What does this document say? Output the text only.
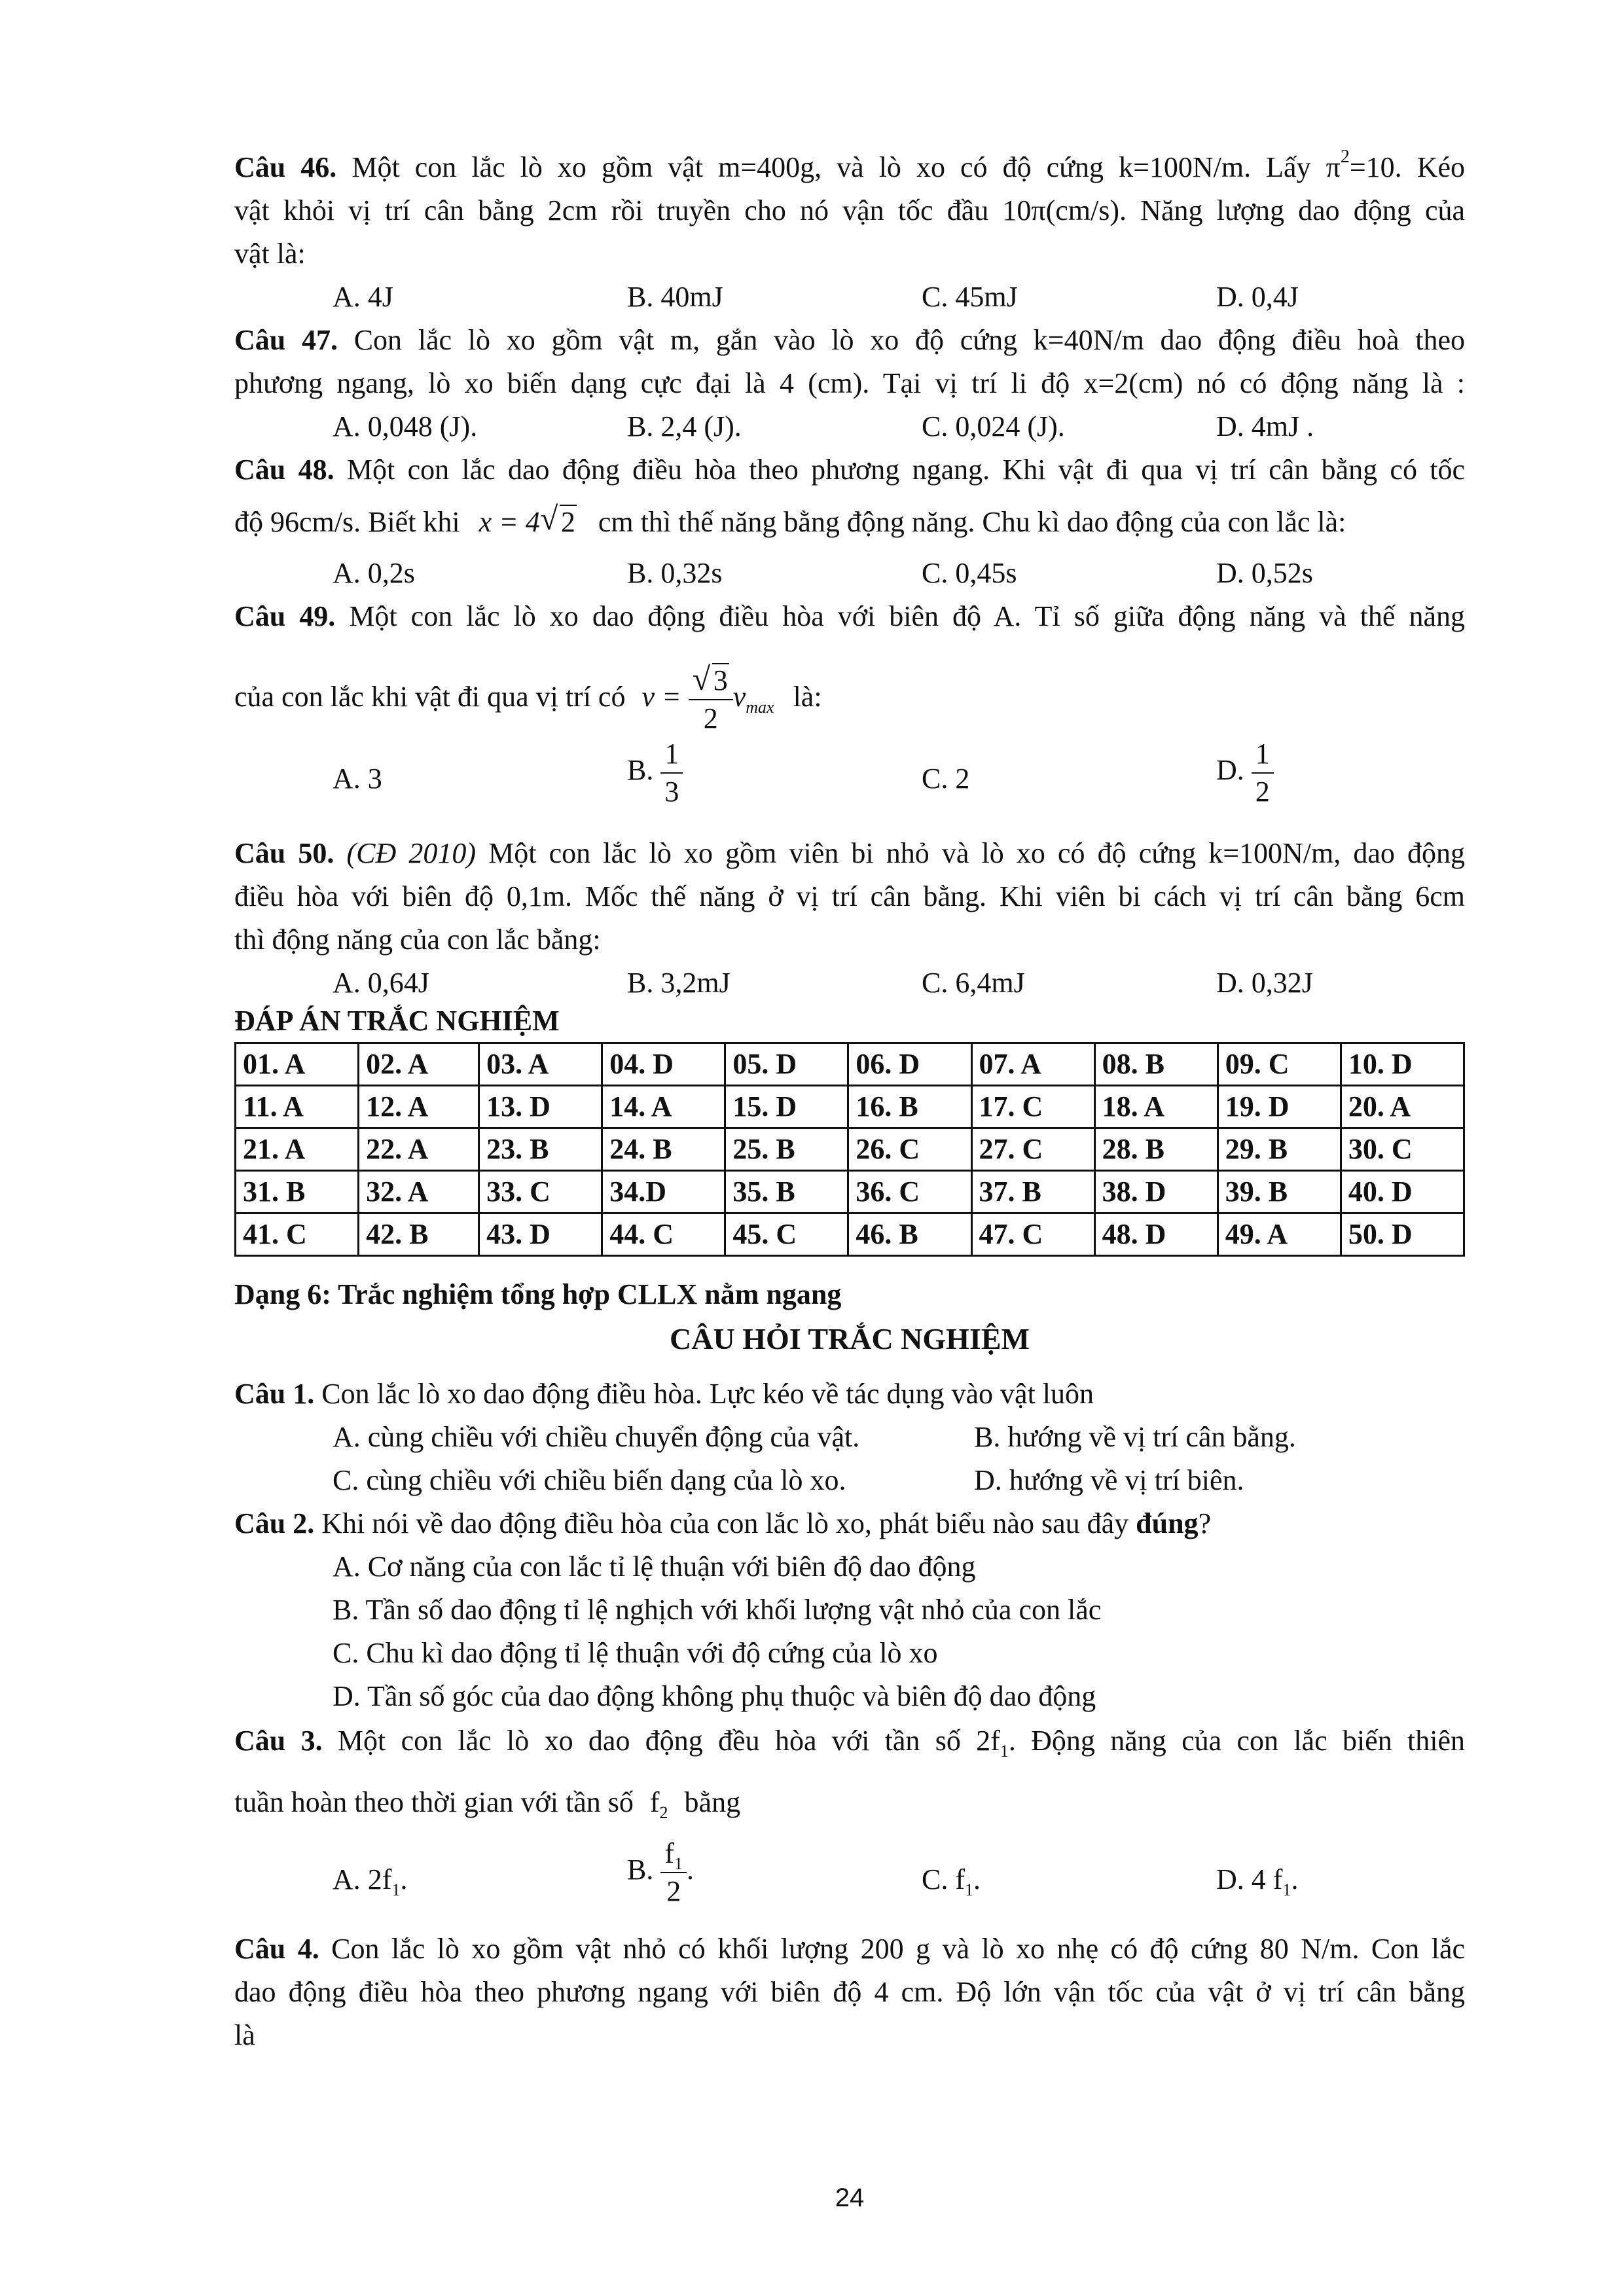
Câu 46. Một con lắc lò xo gồm vật m=400g, và lò xo có độ cứng k=100N/m. Lấy $\pi^2=10$. Kéo
vật khỏi vị trí cân bằng 2cm rồi truyền cho nó vận tốc đầu 10π(cm/s). Năng lượng dao động của
vật là:
A. 4J	B. 40mJ	C. 45mJ	D. 0,4J
Câu 47. Con lắc lò xo gồm vật m, gắn vào lò xo độ cứng k=40N/m dao động điều hoà theo
phương ngang, lò xo biến dạng cực đại là 4 (cm). Tại vị trí li độ x=2(cm) nó có động năng là :
A. 0,048 (J).	B. 2,4 (J).	C. 0,024 (J).	D. 4mJ .
Câu 48. Một con lắc dao động điều hòa theo phương ngang. Khi vật đi qua vị trí cân bằng có tốc
độ 96cm/s. Biết khi x = 4 √ 2 cm thì thế năng bằng động năng. Chu kì dao động của con lắc là:
A. 0,2s	B. 0,32s	C. 0,45s	D. 0,52s
Câu 49. Một con lắc lò xo dao động điều hòa với biên độ A. Tỉ số giữa động năng và thế năng
của con lắc khi vật đi qua vị trí có $v = \frac{√ 3}{2} v_{max}$ là:
A. 3	B. $\frac{1}{3}$	C. 2	D. $\frac{1}{2}$
Câu 50. (CĐ 2010) Một con lắc lò xo gồm viên bi nhỏ và lò xo có độ cứng k=100N/m, dao động
điều hòa với biên độ 0,1m. Mốc thế năng ở vị trí cân bằng. Khi viên bi cách vị trí cân bằng 6cm
thì động năng của con lắc bằng:
A. 0,64J	B. 3,2mJ	C. 6,4mJ	D. 0,32J
ĐÁP ÁN TRẮC NGHIỆM
01. A	02. A	03. A	04. D	05. D	06. D	07. A	08. B	09. C	10. D
11. A	12. A	13. D	14. A	15. D	16. B	17. C	18. A	19. D	20. A
21. A	22. A	23. B	24. B	25. B	26. C	27. C	28. B	29. B	30. C
31. B	32. A	33. C	34.D	35. B	36. C	37. B	38. D	39. B	40. D
41. C	42. B	43. D	44. C	45. C	46. B	47. C	48. D	49. A	50. D
Dạng 6: Trắc nghiệm tổng hợp CLLX nằm ngang
CÂU HỎI TRẮC NGHIỆM
Câu 1. Con lắc lò xo dao động điều hòa. Lực kéo về tác dụng vào vật luôn
A. cùng chiều với chiều chuyển động của vật.	B. hướng về vị trí cân bằng.
C. cùng chiều với chiều biến dạng của lò xo.	D. hướng về vị trí biên.
Câu 2. Khi nói về dao động điều hòa của con lắc lò xo, phát biểu nào sau đây đúng?
A. Cơ năng của con lắc tỉ lệ thuận với biên độ dao động
B. Tần số dao động tỉ lệ nghịch với khối lượng vật nhỏ của con lắc
C. Chu kì dao động tỉ lệ thuận với độ cứng của lò xo
D. Tần số góc của dao động không phụ thuộc và biên độ dao động
Câu 3. Một con lắc lò xo dao động đều hòa với tần số $2f_1$. Động năng của con lắc biến thiên
tuần hoàn theo thời gian với tần số $f_2$ bằng
A. $2f_1$.	B. $\frac{f_1}{2}$ .	C. $f_1$.	D. 4 $f_1$.
Câu 4. Con lắc lò xo gồm vật nhỏ có khối lượng 200 g và lò xo nhẹ có độ cứng 80 N/m. Con lắc
dao động điều hòa theo phương ngang với biên độ 4 cm. Độ lớn vận tốc của vật ở vị trí cân bằng
là
24
